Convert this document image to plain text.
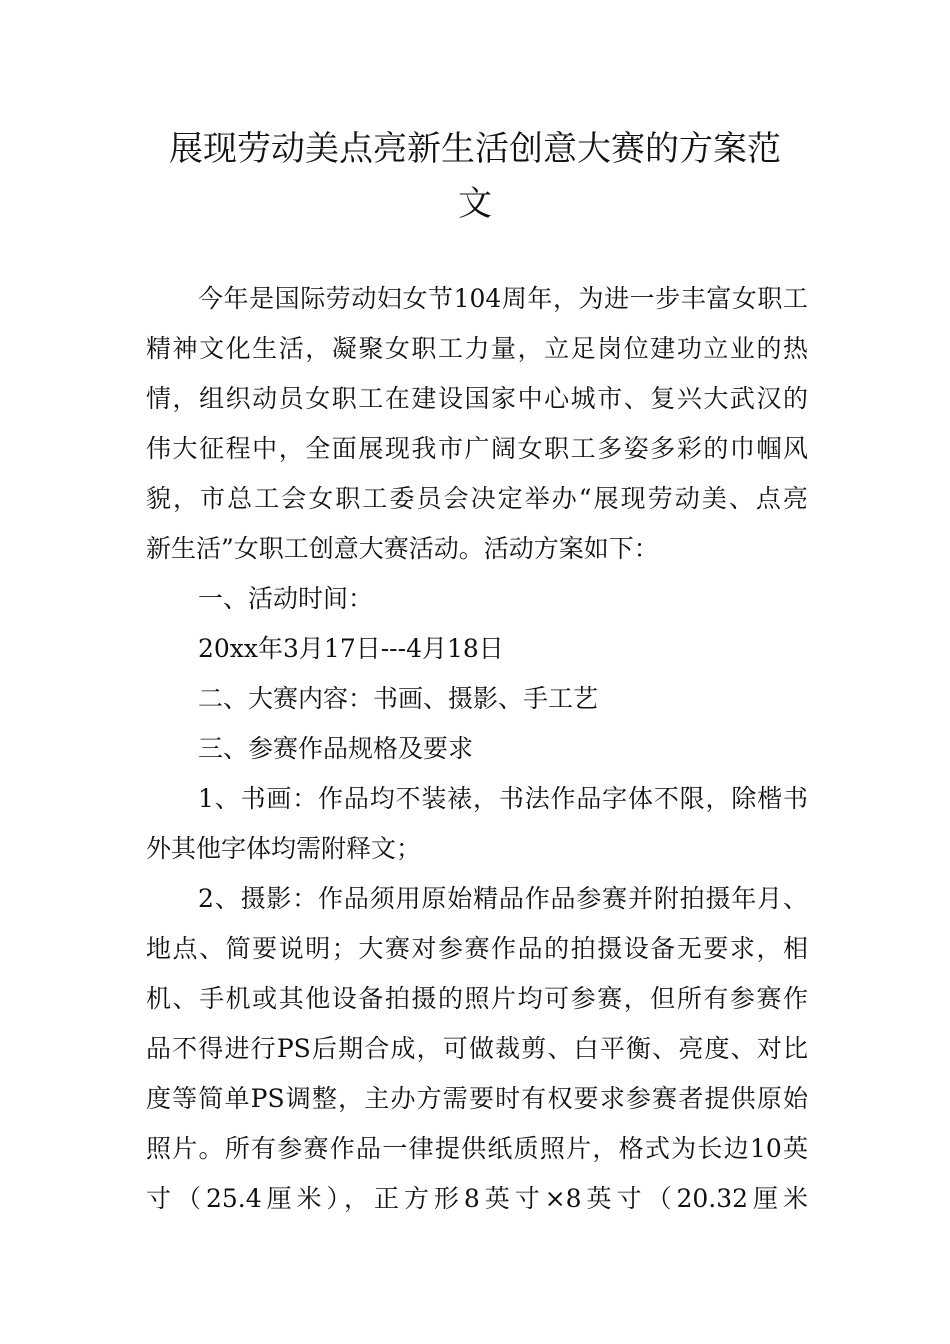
展现劳动美点亮新生活创意大赛的方案范
文
今年是国际劳动妇女节104周年，为进一步丰富女职工
精神文化生活，凝聚女职工力量，立足岗位建功立业的热
情，组织动员女职工在建设国家中心城市、复兴大武汉的
伟大征程中，全面展现我市广阔女职工多姿多彩的巾帼风
貌，市总工会女职工委员会决定举办“展现劳动美、点亮
新生活”女职工创意大赛活动。活动方案如下：
一、活动时间：
20xx年3月17日---4月18日
二、大赛内容：书画、摄影、手工艺
三、参赛作品规格及要求
1、书画：作品均不装裱，书法作品字体不限，除楷书
外其他字体均需附释文；
2、摄影：作品须用原始精品作品参赛并附拍摄年月、
地点、简要说明；大赛对参赛作品的拍摄设备无要求，相
机、手机或其他设备拍摄的照片均可参赛，但所有参赛作
品不得进行PS后期合成，可做裁剪、白平衡、亮度、对比
度等简单PS调整，主办方需要时有权要求参赛者提供原始
照片。所有参赛作品一律提供纸质照片，格式为长边10英
寸（25.4厘米），正方形8英寸×8英寸（20.32厘米
